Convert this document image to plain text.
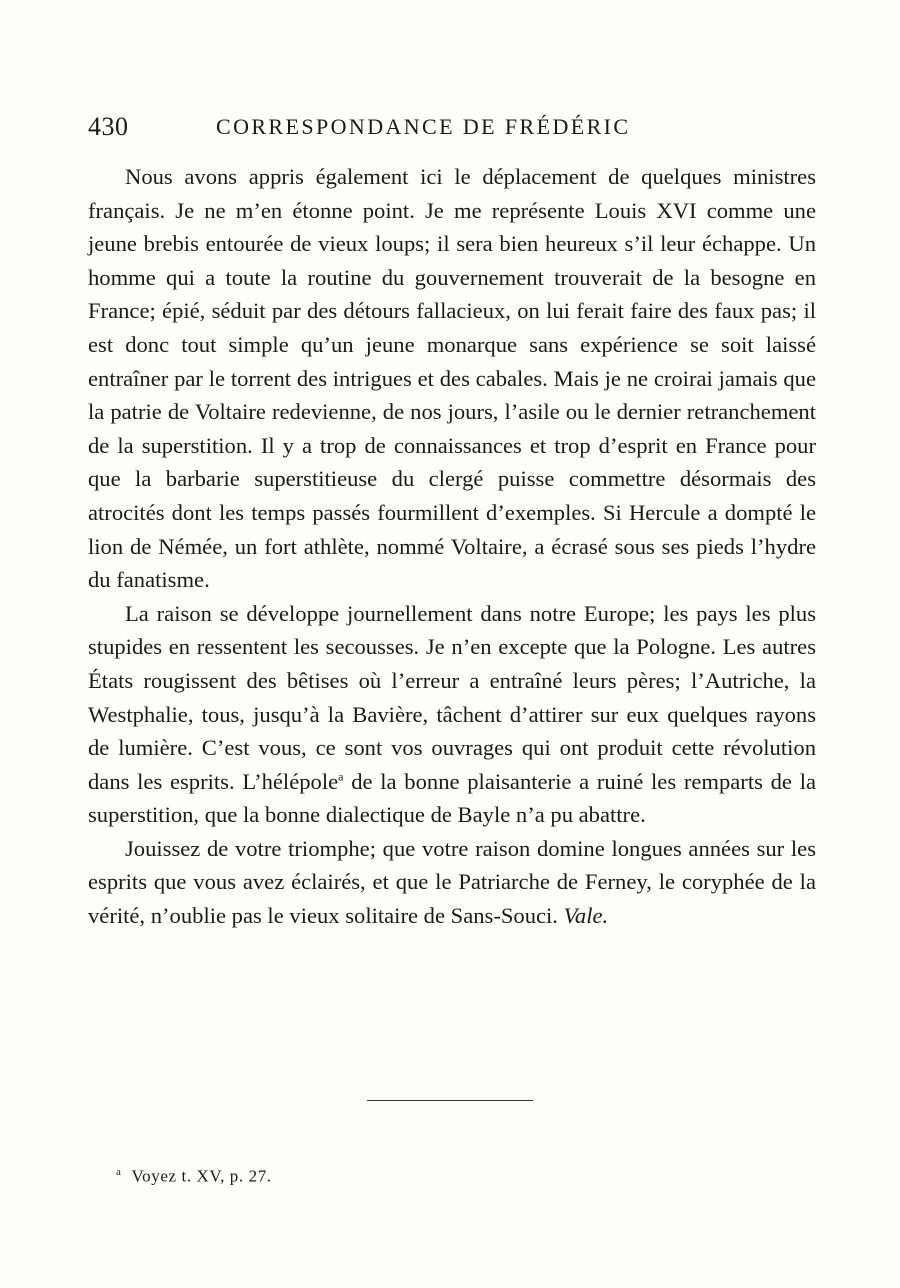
430	CORRESPONDANCE DE FRÉDÉRIC

Nous avons appris également ici le déplacement de quelques ministres français. Je ne m’en étonne point. Je me représente Louis XVI comme une jeune brebis entourée de vieux loups; il sera bien heureux s’il leur échappe. Un homme qui a toute la routine du gouvernement trouverait de la besogne en France; épié, séduit par des détours fallacieux, on lui ferait faire des faux pas; il est donc tout simple qu’un jeune monarque sans expérience se soit laissé entraîner par le torrent des intrigues et des cabales. Mais je ne croirai jamais que la patrie de Voltaire redevienne, de nos jours, l’asile ou le dernier retranchement de la superstition. Il y a trop de connaissances et trop d’esprit en France pour que la barbarie superstitieuse du clergé puisse commettre désormais des atrocités dont les temps passés fourmillent d’exemples. Si Hercule a dompté le lion de Némée, un fort athlète, nommé Voltaire, a écrasé sous ses pieds l’hydre du fanatisme.

La raison se développe journellement dans notre Europe; les pays les plus stupides en ressentent les secousses. Je n’en excepte que la Pologne. Les autres États rougissent des bêtises où l’erreur a entraîné leurs pères; l’Autriche, la Westphalie, tous, jusqu’à la Bavière, tâchent d’attirer sur eux quelques rayons de lumière. C’est vous, ce sont vos ouvrages qui ont produit cette révolution dans les esprits. L’hélépole$^a$ de la bonne plaisanterie a ruiné les remparts de la superstition, que la bonne dialectique de Bayle n’a pu abattre.

Jouissez de votre triomphe; que votre raison domine longues années sur les esprits que vous avez éclairés, et que le Patriarche de Ferney, le coryphée de la vérité, n’oublie pas le vieux solitaire de Sans-Souci. Vale.

$^a$ Voyez t. XV, p. 27.
